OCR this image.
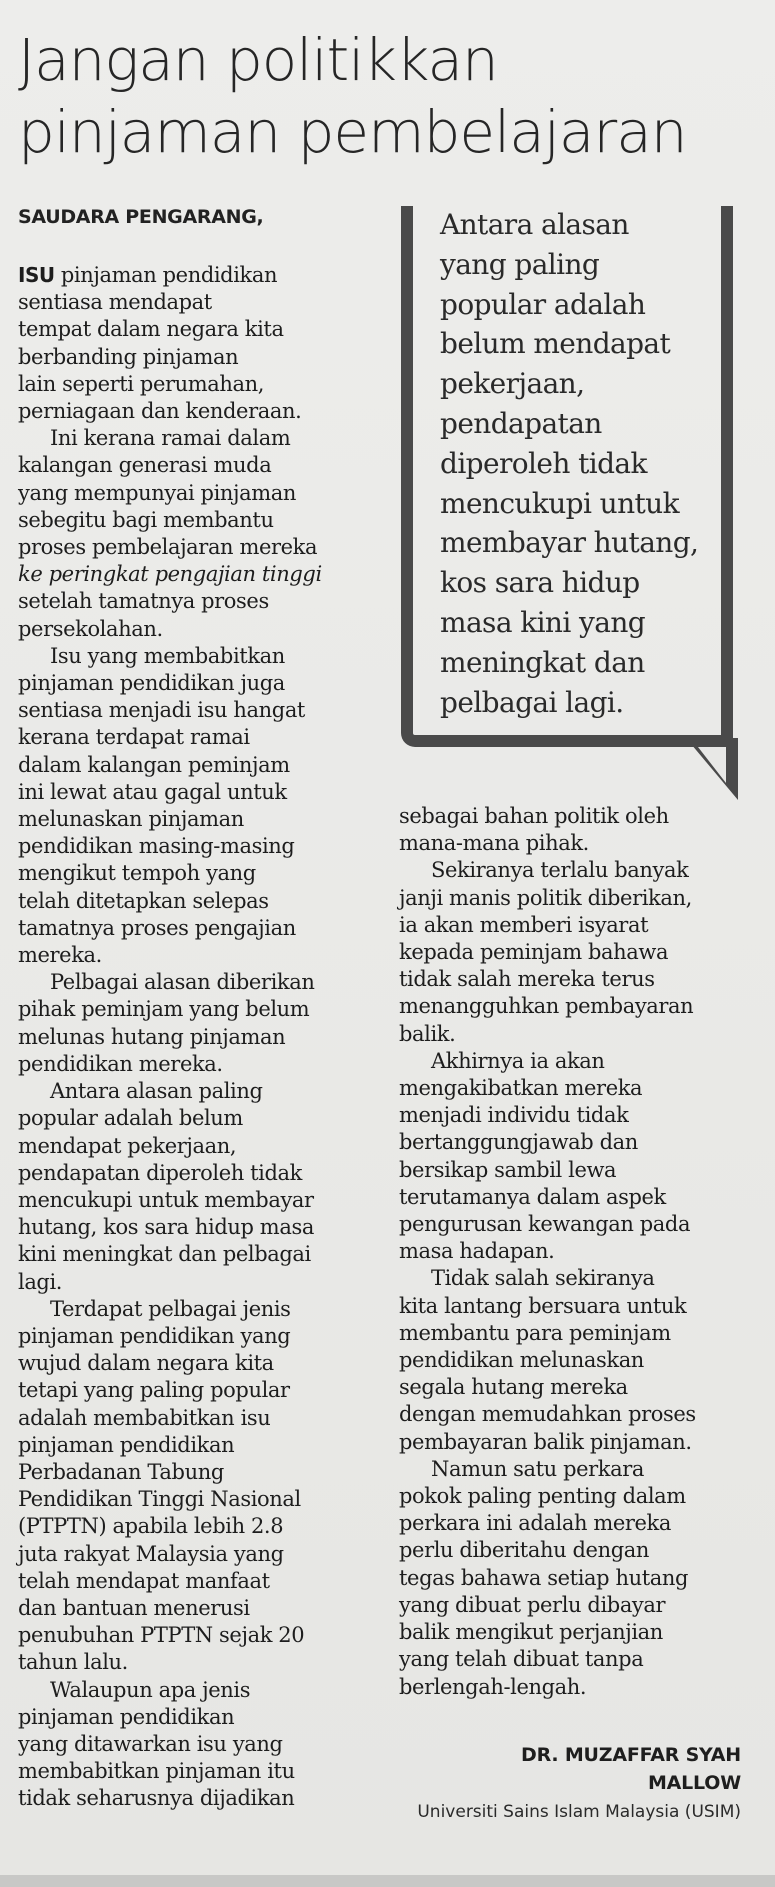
Jangan politikkan
pinjaman pembelajaran
SAUDARA PENGARANG,	Antara alasan
yang paling
popular adalah
belum mendapat
pekerjaan,
pendapatan
diperoleh tidak
mencukupi untuk
membayar hutang,
kos sara hidup
masa kini yang
meningkat dan
pelbagai lagi.

ISU pinjaman pendidikan
sentiasa mendapat
tempat dalam negara kita
berbanding pinjaman
lain seperti perumahan,
perniagaan dan kenderaan.

Ini kerana ramai dalam
kalangan generasi muda
yang mempunyai pinjaman
sebegitu bagi membantu
proses pembelajaran mereka
ke peringkat pengajian tinggi
setelah tamatnya proses
persekolahan.

Isu yang membabitkan
pinjaman pendidikan juga
sentiasa menjadi isu hangat
kerana terdapat ramai
dalam kalangan peminjam
ini lewat atau gagal untuk
melunaskan pinjaman
pendidikan masing-masing
mengikut tempoh yang
telah ditetapkan selepas
tamatnya proses pengajian
mereka.

Pelbagai alasan diberikan
pihak peminjam yang belum
melunas hutang pinjaman
pendidikan mereka.

Antara alasan paling
popular adalah belum
mendapat pekerjaan,
pendapatan diperoleh tidak
mencukupi untuk membayar
hutang, kos sara hidup masa
kini meningkat dan pelbagai
lagi.

Terdapat pelbagai jenis
pinjaman pendidikan yang
wujud dalam negara kita
tetapi yang paling popular
adalah membabitkan isu
pinjaman pendidikan
Perbadanan Tabung
Pendidikan Tinggi Nasional
(PTPTN) apabila lebih 2.8
juta rakyat Malaysia yang
telah mendapat manfaat
dan bantuan menerusi
penubuhan PTPTN sejak 20
tahun lalu.

Walaupun apa jenis
pinjaman pendidikan
yang ditawarkan isu yang
membabitkan pinjaman itu
tidak seharusnya dijadikan

sebagai bahan politik oleh
mana-mana pihak.

Sekiranya terlalu banyak
janji manis politik diberikan,
ia akan memberi isyarat
kepada peminjam bahawa
tidak salah mereka terus
menangguhkan pembayaran
balik.

Akhirnya ia akan
mengakibatkan mereka
menjadi individu tidak
bertanggungjawab dan
bersikap sambil lewa
terutamanya dalam aspek
pengurusan kewangan pada
masa hadapan.

Tidak salah sekiranya
kita lantang bersuara untuk
membantu para peminjam
pendidikan melunaskan
segala hutang mereka
dengan memudahkan proses
pembayaran balik pinjaman.

Namun satu perkara
pokok paling penting dalam
perkara ini adalah mereka
perlu diberitahu dengan
tegas bahawa setiap hutang
yang dibuat perlu dibayar
balik mengikut perjanjian
yang telah dibuat tanpa
berlengah-lengah.

DR. MUZAFFAR SYAH
MALLOW
Universiti Sains Islam Malaysia (USIM)
